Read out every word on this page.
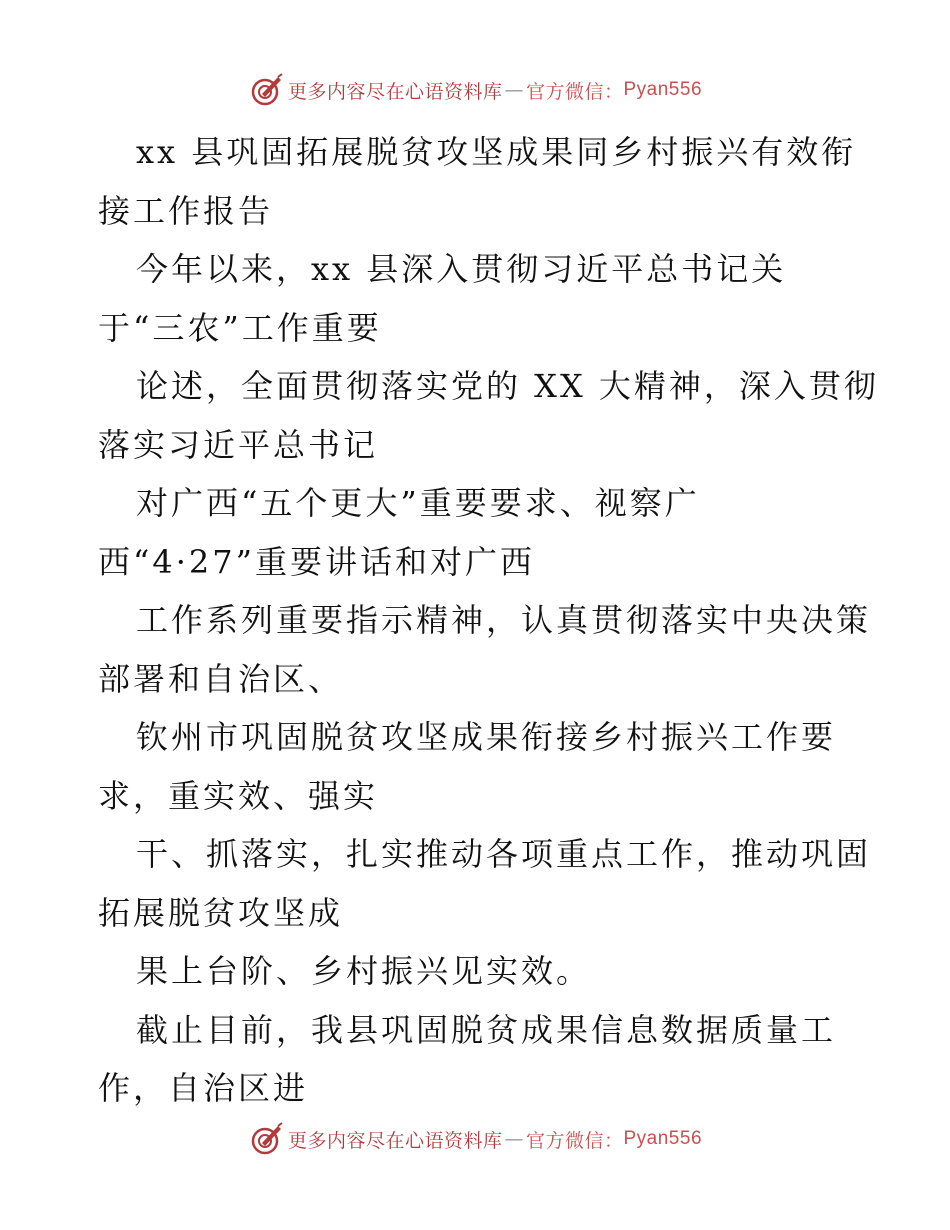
更多内容尽在心语资料库 — 官方微信： Pyan556
xx 县巩固拓展脱贫攻坚成果同乡村振兴有效衔
接工作报告
今年以来，xx 县深入贯彻习近平总书记关
于“三农”工作重要
论述，全面贯彻落实党的 XX 大精神，深入贯彻
落实习近平总书记
对广西“五个更大”重要要求、视察广
西“4·27”重要讲话和对广西
工作系列重要指示精神，认真贯彻落实中央决策
部署和自治区、
钦州市巩固脱贫攻坚成果衔接乡村振兴工作要
求，重实效、强实
干、抓落实，扎实推动各项重点工作，推动巩固
拓展脱贫攻坚成
果上台阶、乡村振兴见实效。
截止目前，我县巩固脱贫成果信息数据质量工
作，自治区进
更多内容尽在心语资料库 — 官方微信： Pyan556
